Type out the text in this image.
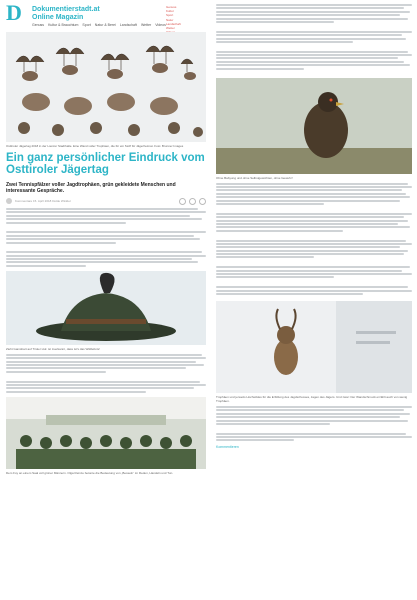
D Dokumentierstadt.at
Online Magazin
Genuss Kultur & Brauchtum Sport Natur & Berei Landschaft Wetter Videos
Genuss
Kultur
Sport
Natur
Landschaft
Wetter
Osttiroler Jägertag 2018 in der Lienzer Stadthalle. Eine Wand voller Trophäen, die für ein Stoff für Jägerheimat. Foto: Brunner Images
Ein ganz persönlicher Eindruck vom Osttiroler Jägertag
Zwei Tennispfälzer voller Jagdtrophäen, grün gekleidete Menschen und interessante Gespräche.
Kommentare 15. April 2018 Dolde Winkler
Zieht Gamsbart auf Tiroler Hut: ist zuerkannt, dass ist’s das Wildlebnis!
Dem Foy an einem Saal voll grüner Männern. Olga Reinze betonte die Bedeutung von „Besseln“ im Reden, Handeln und Tun.
Ohne Babyung und ohne Selbstgewichten, ohne Gewehr!
Trophäen und jenseits Hochwildes für die Erfüllung des Jagdschusses, Jagen des Jägers. Und zwar: Der Wandschmuck erzählt auch von wenig Trophäen.
Kommentieren
